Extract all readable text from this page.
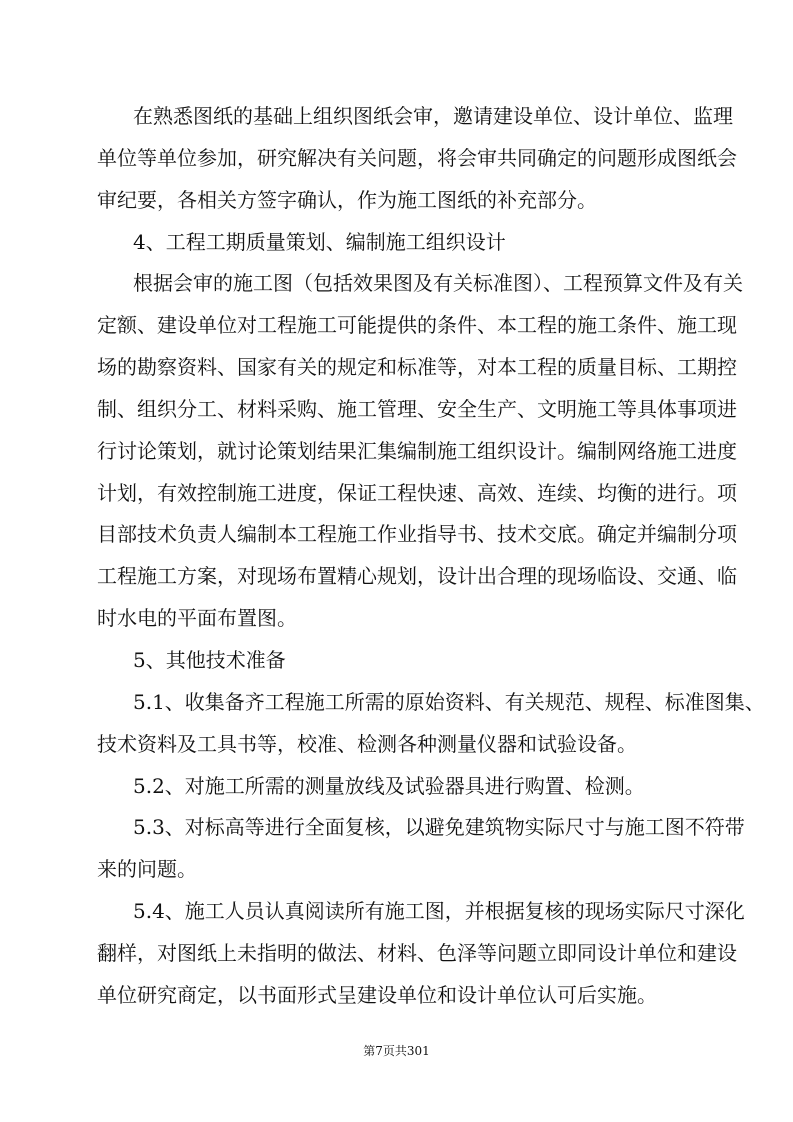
在熟悉图纸的基础上组织图纸会审，邀请建设单位、设计单位、监理
单位等单位参加，研究解决有关问题，将会审共同确定的问题形成图纸会
审纪要，各相关方签字确认，作为施工图纸的补充部分。
4、工程工期质量策划、编制施工组织设计
根据会审的施工图（包括效果图及有关标准图）、工程预算文件及有关
定额、建设单位对工程施工可能提供的条件、本工程的施工条件、施工现
场的勘察资料、国家有关的规定和标准等，对本工程的质量目标、工期控
制、组织分工、材料采购、施工管理、安全生产、文明施工等具体事项进
行讨论策划，就讨论策划结果汇集编制施工组织设计。编制网络施工进度
计划，有效控制施工进度，保证工程快速、高效、连续、均衡的进行。项
目部技术负责人编制本工程施工作业指导书、技术交底。确定并编制分项
工程施工方案，对现场布置精心规划，设计出合理的现场临设、交通、临
时水电的平面布置图。
5、其他技术准备
5.1、收集备齐工程施工所需的原始资料、有关规范、规程、标准图集、
技术资料及工具书等，校准、检测各种测量仪器和试验设备。
5.2、对施工所需的测量放线及试验器具进行购置、检测。
5.3、对标高等进行全面复核，以避免建筑物实际尺寸与施工图不符带
来的问题。
5.4、施工人员认真阅读所有施工图，并根据复核的现场实际尺寸深化
翻样，对图纸上未指明的做法、材料、色泽等问题立即同设计单位和建设
单位研究商定，以书面形式呈建设单位和设计单位认可后实施。
第7页共301
